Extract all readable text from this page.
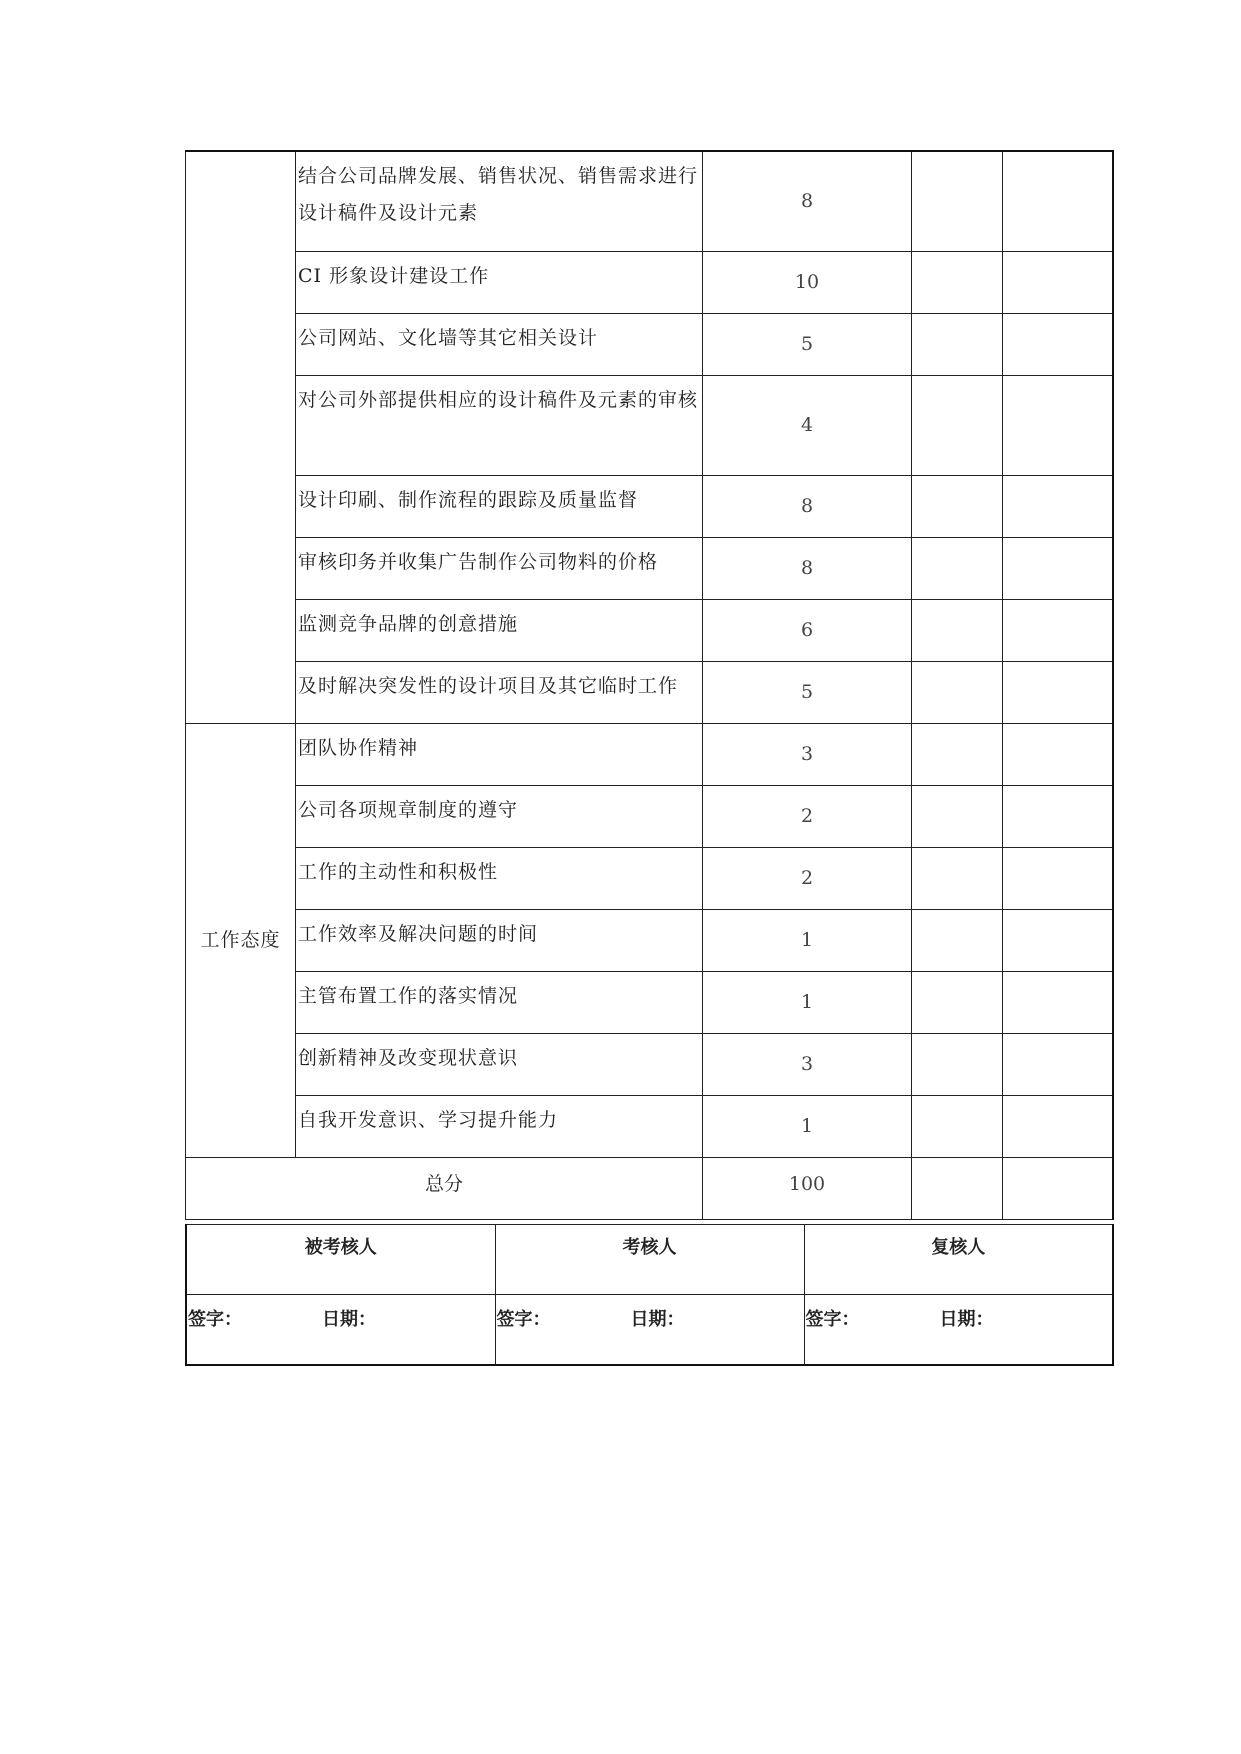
	结合公司品牌发展、销售状况、销售需求进行设计稿件及设计元素	8		
	CI 形象设计建设工作	10		
	公司网站、文化墙等其它相关设计	5		
	对公司外部提供相应的设计稿件及元素的审核	4		
	设计印刷、制作流程的跟踪及质量监督	8		
	审核印务并收集广告制作公司物料的价格	8		
	监测竞争品牌的创意措施	6		
	及时解决突发性的设计项目及其它临时工作	5		
工作态度	团队协作精神	3		
	公司各项规章制度的遵守	2		
	工作的主动性和积极性	2		
	工作效率及解决问题的时间	1		
	主管布置工作的落实情况	1		
	创新精神及改变现状意识	3		
	自我开发意识、学习提升能力	1		
总分		100		
被考核人	考核人	复核人

签字： 日期：	签字： 日期：	签字： 日期：
